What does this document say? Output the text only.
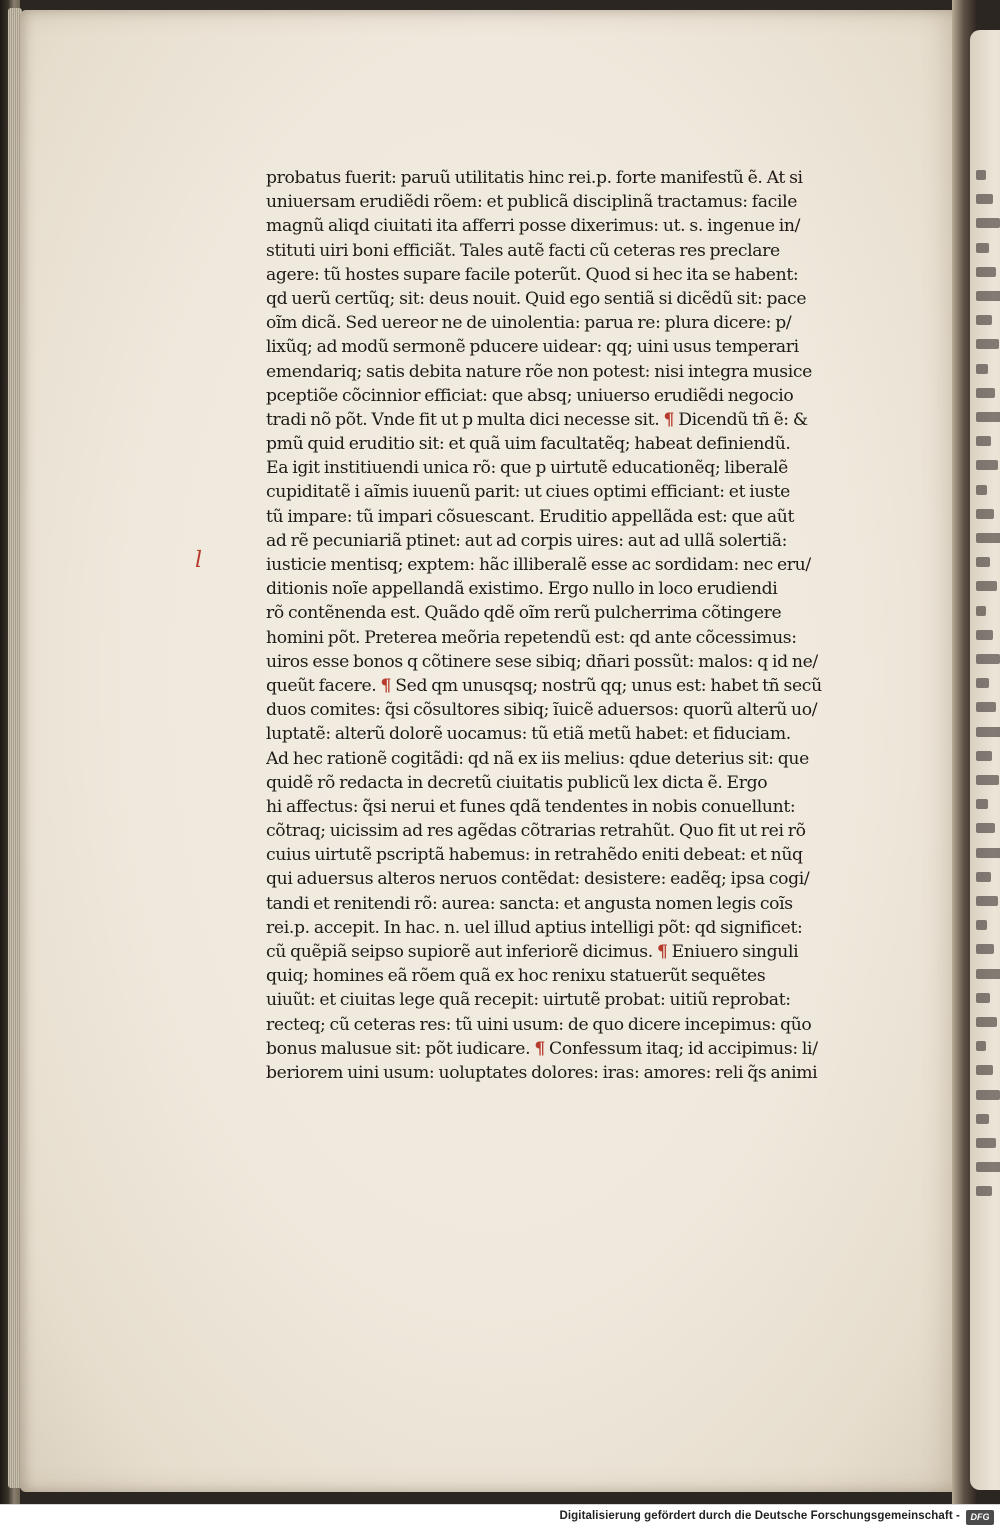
l
probatus fuerit: paruũ utilitatis hinc rei.p. forte manifestũ ẽ. At si
uniuersam erudiẽdi rõem: et publicã disciplinã tractamus: facile
magnũ aliqd ciuitati ita afferri posse dixerimus: ut. s. ingenue in/
stituti uiri boni efficiãt. Tales autẽ facti cũ ceteras res preclare
agere: tũ hostes supare facile poterũt. Quod si hec ita se habent:
qd uerũ certũq; sit: deus nouit. Quid ego sentiã si dicẽdũ sit: pace
oĩm dicã. Sed uereor ne de uinolentia: parua re: plura dicere: p/
lixũq; ad modũ sermonẽ pducere uidear: qq; uini usus temperari
emendariq; satis debita nature rõe non potest: nisi integra musice
pceptiõe cõcinnior efficiat: que absq; uniuerso erudiẽdi negocio
tradi nõ põt. Vnde fit ut p multa dici necesse sit. ¶ Dicendũ tñ ẽ: &
pmũ quid eruditio sit: et quã uim facultatẽq; habeat definiendũ.
Ea igit institiuendi unica rõ: que p uirtutẽ educationẽq; liberalẽ
cupiditatẽ i aĩmis iuuenũ parit: ut ciues optimi efficiant: et iuste
tũ impare: tũ impari cõsuescant. Eruditio appellãda est: que aũt
ad rẽ pecuniariã ptinet: aut ad corpis uires: aut ad ullã solertiã:
iusticie mentisq; exptem: hãc illiberalẽ esse ac sordidam: nec eru/
ditionis noĩe appellandã existimo. Ergo nullo in loco erudiendi
rõ contẽnenda est. Quãdo qdẽ oĩm rerũ pulcherrima cõtingere
homini põt. Preterea meõria repetendũ est: qd ante cõcessimus:
uiros esse bonos q cõtinere sese sibiq; dñari possũt: malos: q id ne/
queũt facere. ¶ Sed qm unusqsq; nostrũ qq; unus est: habet tñ secũ
duos comites: q̃si cõsultores sibiq; ĩuicẽ aduersos: quorũ alterũ uo/
luptatẽ: alterũ dolorẽ uocamus: tũ etiã metũ habet: et fiduciam.
Ad hec rationẽ cogitãdi: qd nã ex iis melius: qdue deterius sit: que
quidẽ rõ redacta in decretũ ciuitatis publicũ lex dicta ẽ. Ergo
hi affectus: q̃si nerui et funes qdã tendentes in nobis conuellunt:
cõtraq; uicissim ad res agẽdas cõtrarias retrahũt. Quo fit ut rei rõ
cuius uirtutẽ pscriptã habemus: in retrahẽdo eniti debeat: et nũq
qui aduersus alteros neruos contẽdat: desistere: eadẽq; ipsa cogi/
tandi et renitendi rõ: aurea: sancta: et angusta nomen legis coĩs
rei.p. accepit. In hac. n. uel illud aptius intelligi põt: qd significet:
cũ quẽpiã seipso supiorẽ aut inferiorẽ dicimus. ¶ Eniuero singuli
quiq; homines eã rõem quã ex hoc renixu statuerũt sequẽtes
uiuũt: et ciuitas lege quã recepit: uirtutẽ probat: uitiũ reprobat:
recteq; cũ ceteras res: tũ uini usum: de quo dicere incepimus: qũo
bonus malusue sit: põt iudicare. ¶ Confessum itaq; id accipimus: li/
beriorem uini usum: uoluptates dolores: iras: amores: reli q̃s animi
Digitalisierung gefördert durch die Deutsche Forschungsgemeinschaft -	DFG
